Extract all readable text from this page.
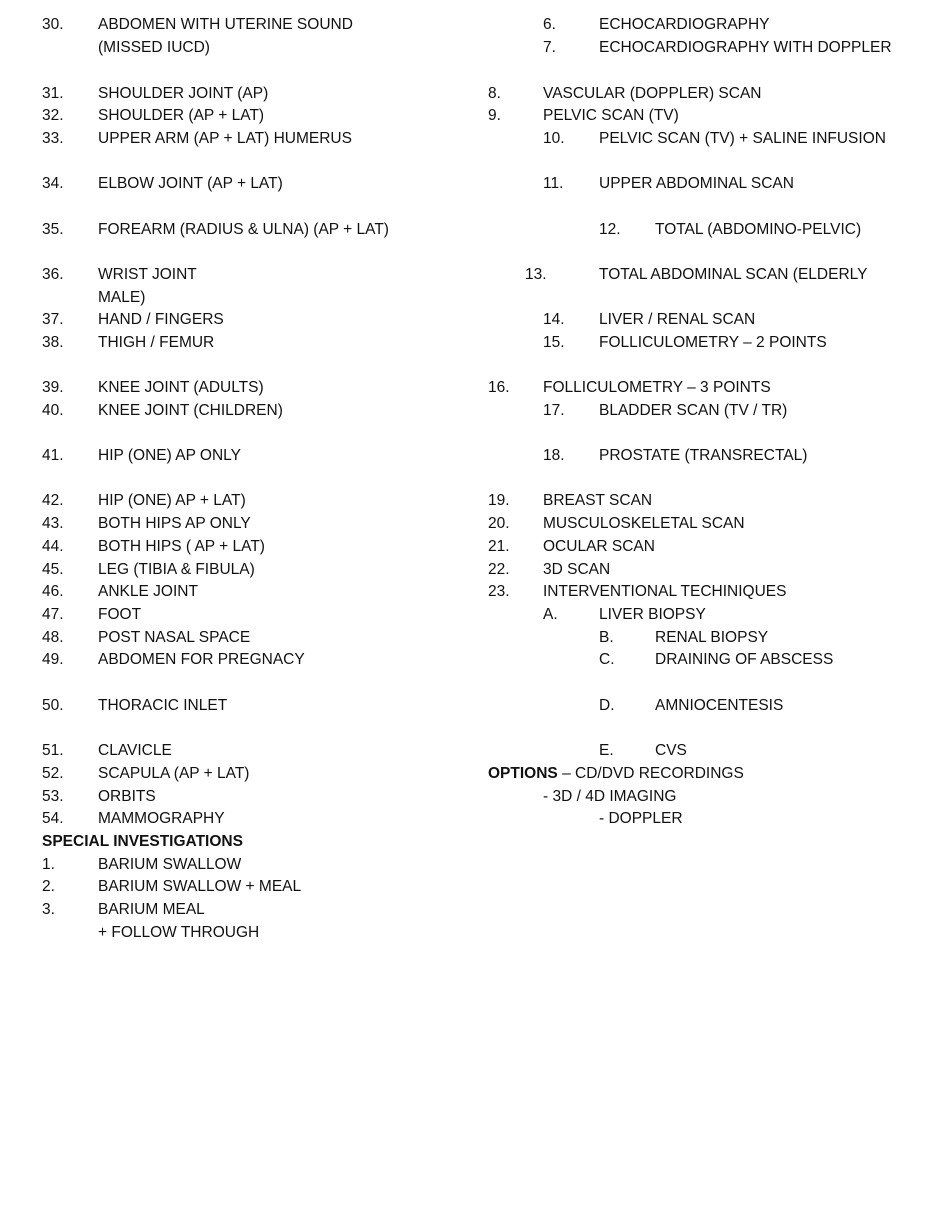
30. ABDOMEN WITH UTERINE SOUND
(MISSED IUCD)
31. SHOULDER JOINT (AP)
32. SHOULDER (AP + LAT)
33. UPPER ARM (AP + LAT) HUMERUS
34. ELBOW JOINT (AP + LAT)
35. FOREARM (RADIUS & ULNA) (AP + LAT)
36. WRIST JOINT
MALE)
37. HAND / FINGERS
38. THIGH / FEMUR
39. KNEE JOINT (ADULTS)
40. KNEE JOINT (CHILDREN)
41. HIP (ONE) AP ONLY
42. HIP (ONE) AP + LAT)
43. BOTH HIPS AP ONLY
44. BOTH HIPS ( AP + LAT)
45. LEG (TIBIA & FIBULA)
46. ANKLE JOINT
47. FOOT
48. POST NASAL SPACE
49. ABDOMEN FOR PREGNACY
50. THORACIC INLET
51. CLAVICLE
52. SCAPULA (AP + LAT)
53. ORBITS
54. MAMMOGRAPHY
SPECIAL INVESTIGATIONS
1.	BARIUM SWALLOW
2.	BARIUM SWALLOW + MEAL
3.	BARIUM MEAL
+ FOLLOW THROUGH
6.	ECHOCARDIOGRAPHY
7.	ECHOCARDIOGRAPHY WITH DOPPLER
8.	VASCULAR (DOPPLER) SCAN
9.	PELVIC SCAN (TV)
10. PELVIC SCAN (TV) + SALINE INFUSION
11. UPPER ABDOMINAL SCAN
12. TOTAL (ABDOMINO-PELVIC)
13.	TOTAL ABDOMINAL SCAN (ELDERLY
14. LIVER / RENAL SCAN
15. FOLLICULOMETRY – 2 POINTS
16. FOLLICULOMETRY – 3 POINTS
17. BLADDER SCAN (TV / TR)
18. PROSTATE (TRANSRECTAL)
19. BREAST SCAN
20. MUSCULOSKELETAL SCAN
21. OCULAR SCAN
22. 3D SCAN
23. INTERVENTIONAL TECHINIQUES
A.	LIVER BIOPSY
B.	RENAL BIOPSY
C.	DRAINING OF ABSCESS
D.	AMNIOCENTESIS
E.	CVS
OPTIONS – CD/DVD RECORDINGS
- 3D / 4D IMAGING
- DOPPLER
